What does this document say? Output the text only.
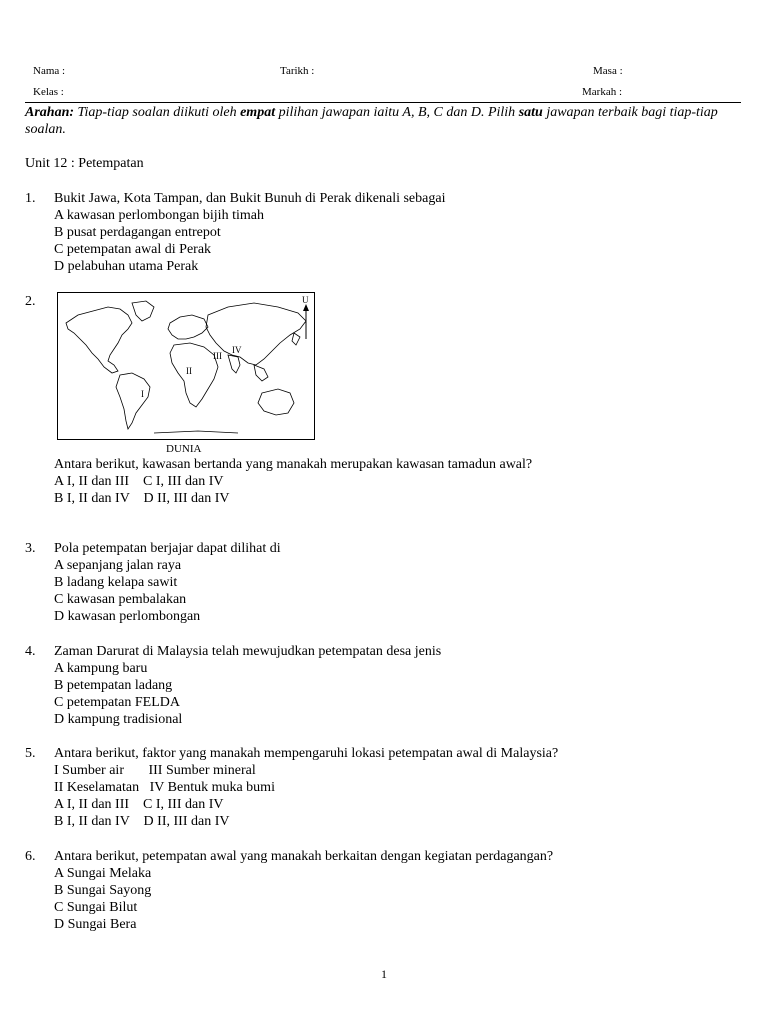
Nama :	Tarikh :	Masa :
Kelas :	Markah :
Arahan: Tiap-tiap soalan diikuti oleh empat pilihan jawapan iaitu A, B, C dan D. Pilih satu jawapan terbaik bagi tiap-tiap soalan.
Unit 12 : Petempatan
1. Bukit Jawa, Kota Tampan, dan Bukit Bunuh di Perak dikenali sebagai
A kawasan perlombongan bijih timah
B pusat perdagangan entrepot
C petempatan awal di Perak
D pelabuhan utama Perak
2.	U
I
II
III
IV
DUNIA
Antara berikut, kawasan bertanda yang manakah merupakan kawasan tamadun awal?
A I, II dan III    C I, III dan IV
B I, II dan IV    D II, III dan IV
3. Pola petempatan berjajar dapat dilihat di
A sepanjang jalan raya
B ladang kelapa sawit
C kawasan pembalakan
D kawasan perlombongan
4. Zaman Darurat di Malaysia telah mewujudkan petempatan desa jenis
A kampung baru
B petempatan ladang
C petempatan FELDA
D kampung tradisional
5. Antara berikut, faktor yang manakah mempengaruhi lokasi petempatan awal di Malaysia?
I Sumber air       III Sumber mineral
II Keselamatan   IV Bentuk muka bumi
A I, II dan III    C I, III dan IV
B I, II dan IV    D II, III dan IV
6. Antara berikut, petempatan awal yang manakah berkaitan dengan kegiatan perdagangan?
A Sungai Melaka
B Sungai Sayong
C Sungai Bilut
D Sungai Bera
1
